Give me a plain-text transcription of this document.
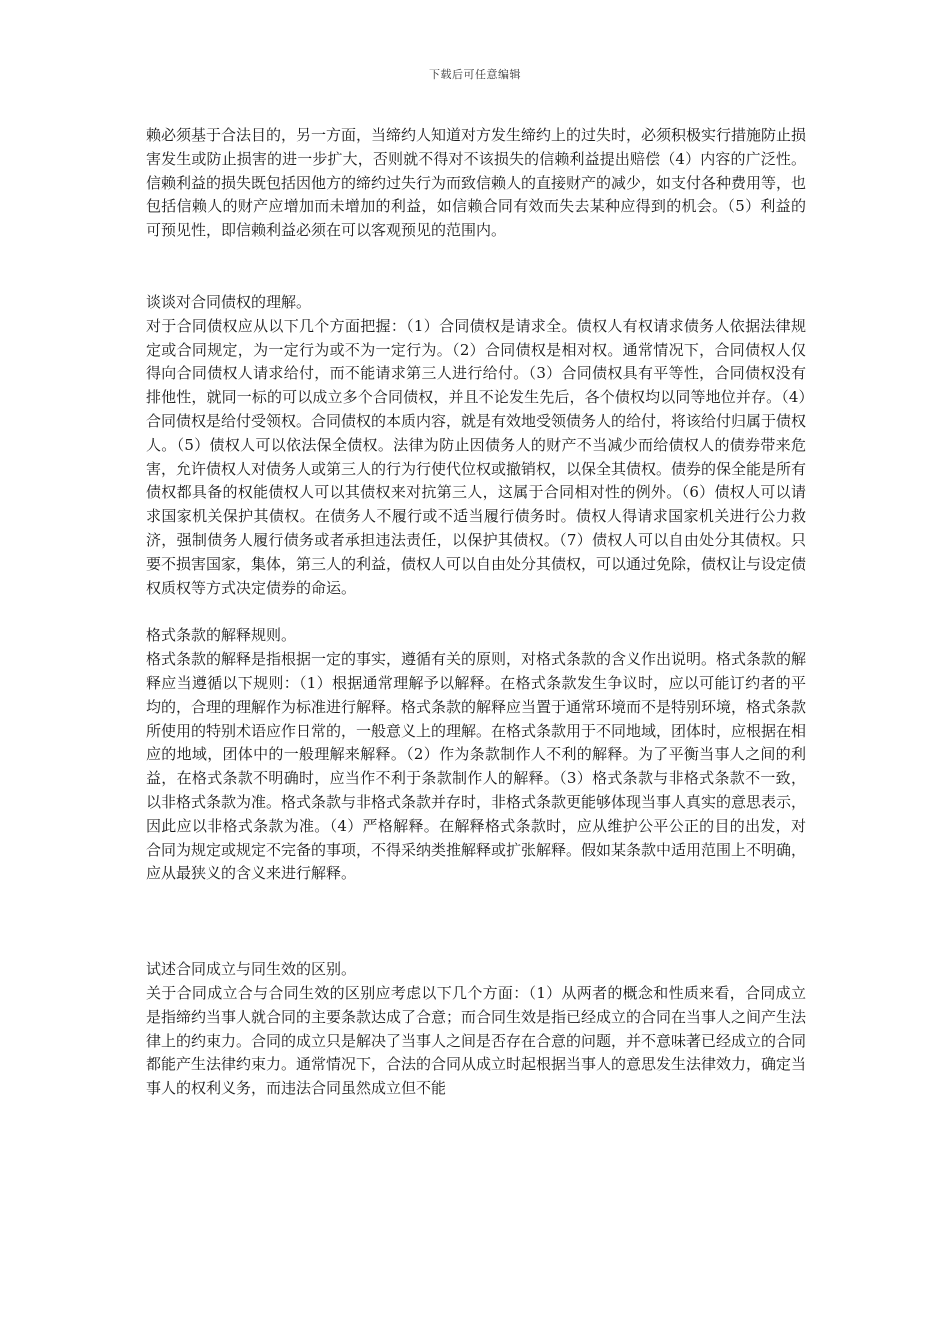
下载后可任意编辑

赖必须基于合法目的，另一方面，当缔约人知道对方发生缔约上的过失时，必须积极实行措施防止损害发生或防止损害的进一步扩大，否则就不得对不该损失的信赖利益提出赔偿（4）内容的广泛性。信赖利益的损失既包括因他方的缔约过失行为而致信赖人的直接财产的减少，如支付各种费用等，也包括信赖人的财产应增加而未增加的利益，如信赖合同有效而失去某种应得到的机会。（5）利益的可预见性，即信赖利益必须在可以客观预见的范围内。

谈谈对合同债权的理解。

对于合同债权应从以下几个方面把握：（1）合同债权是请求全。债权人有权请求债务人依据法律规定或合同规定，为一定行为或不为一定行为。（2）合同债权是相对权。通常情况下，合同债权人仅得向合同债权人请求给付，而不能请求第三人进行给付。（3）合同债权具有平等性，合同债权没有排他性，就同一标的可以成立多个合同债权，并且不论发生先后，各个债权均以同等地位并存。（4）合同债权是给付受领权。合同债权的本质内容，就是有效地受领债务人的给付，将该给付归属于债权人。（5）债权人可以依法保全债权。法律为防止因债务人的财产不当减少而给债权人的债券带来危害，允许债权人对债务人或第三人的行为行使代位权或撤销权，以保全其债权。债券的保全能是所有债权都具备的权能债权人可以其债权来对抗第三人，这属于合同相对性的例外。（6）债权人可以请求国家机关保护其债权。在债务人不履行或不适当履行债务时。债权人得请求国家机关进行公力救济，强制债务人履行债务或者承担违法责任，以保护其债权。（7）债权人可以自由处分其债权。只要不损害国家，集体，第三人的利益，债权人可以自由处分其债权，可以通过免除，债权让与设定债权质权等方式决定债券的命运。

格式条款的解释规则。

格式条款的解释是指根据一定的事实，遵循有关的原则，对格式条款的含义作出说明。格式条款的解释应当遵循以下规则：（1）根据通常理解予以解释。在格式条款发生争议时，应以可能订约者的平均的，合理的理解作为标准进行解释。格式条款的解释应当置于通常环境而不是特别环境，格式条款所使用的特别术语应作日常的，一般意义上的理解。在格式条款用于不同地域，团体时，应根据在相应的地域，团体中的一般理解来解释。（2）作为条款制作人不利的解释。为了平衡当事人之间的利益，在格式条款不明确时，应当作不利于条款制作人的解释。（3）格式条款与非格式条款不一致，以非格式条款为准。格式条款与非格式条款并存时，非格式条款更能够体现当事人真实的意思表示，因此应以非格式条款为准。（4）严格解释。在解释格式条款时，应从维护公平公正的目的出发，对合同为规定或规定不完备的事项，不得采纳类推解释或扩张解释。假如某条款中适用范围上不明确，应从最狭义的含义来进行解释。

试述合同成立与同生效的区别。

关于合同成立合与合同生效的区别应考虑以下几个方面：（1）从两者的概念和性质来看，合同成立是指缔约当事人就合同的主要条款达成了合意；而合同生效是指已经成立的合同在当事人之间产生法律上的约束力。合同的成立只是解决了当事人之间是否存在合意的问题，并不意味著已经成立的合同都能产生法律约束力。通常情况下，合法的合同从成立时起根据当事人的意思发生法律效力，确定当事人的权利义务，而违法合同虽然成立但不能
